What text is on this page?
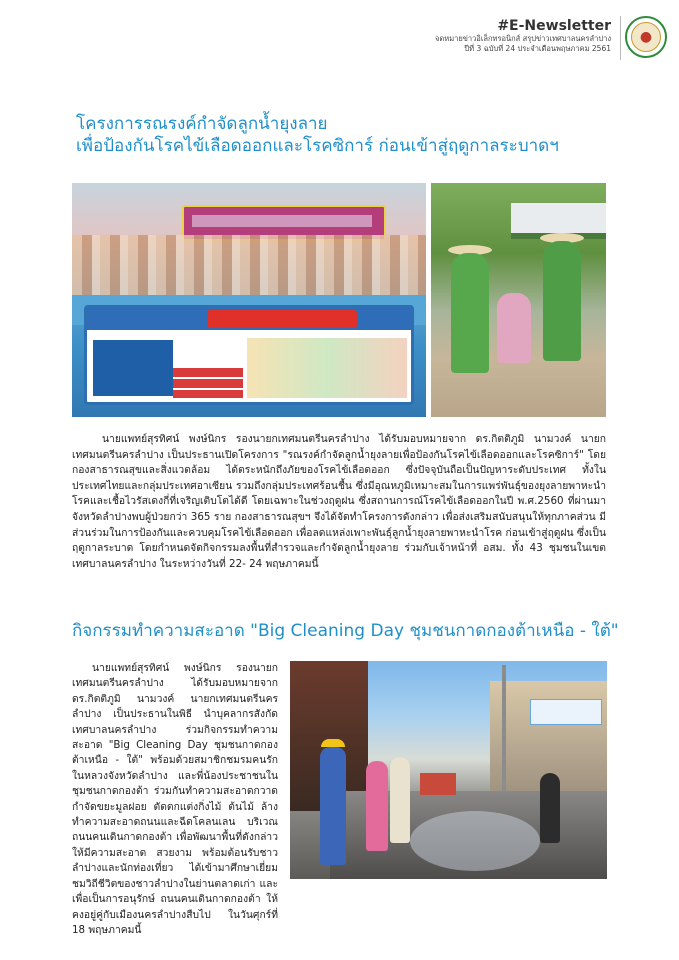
#E-Newsletter
จดหมายข่าวอิเล็กทรอนิกส์ สรุปข่าวเทศบาลนครลำปาง
ปีที่ 3 ฉบับที่ 24 ประจำเดือนพฤษภาคม 2561
●
โครงการรณรงค์กำจัดลูกน้ำยุงลาย
เพื่อป้องกันโรคไข้เลือดออกและโรคซิการ์ ก่อนเข้าสู่ฤดูกาลระบาดฯ
นายแพทย์สุรทิศน์ พงษ์นิกร รองนายกเทศมนตรีนครลำปาง ได้รับมอบหมายจาก ดร.กิตติภูมิ นามวงค์ นายกเทศมนตรีนครลำปาง เป็นประธานเปิดโครงการ "รณรงค์กำจัดลูกน้ำยุงลายเพื่อป้องกันโรคไข้เลือดออกและโรคซิการ์" โดยกองสาธารณสุขและสิ่งแวดล้อม ได้ตระหนักถึงภัยของโรคไข้เลือดออก ซึ่งปัจจุบันถือเป็นปัญหาระดับประเทศ ทั้งในประเทศไทยและกลุ่มประเทศอาเซียน รวมถึงกลุ่มประเทศร้อนชื้น ซึ่งมีอุณหภูมิเหมาะสมในการแพร่พันธุ์ของยุงลายพาหะนำโรคและเชื้อไวรัสเดงกี่ที่เจริญเติบโตได้ดี โดยเฉพาะในช่วงฤดูฝน ซึ่งสถานการณ์โรคไข้เลือดออกในปี พ.ศ.2560 ที่ผ่านมา จังหวัดลำปางพบผู้ป่วยกว่า 365 ราย กองสาธารณสุขฯ จึงได้จัดทำโครงการดังกล่าว เพื่อส่งเสริมสนับสนุนให้ทุกภาคส่วน มีส่วนร่วมในการป้องกันและควบคุมโรคไข้เลือดออก เพื่อลดแหล่งเพาะพันธุ์ลูกน้ำยุงลายพาหะนำโรค ก่อนเข้าสู่ฤดูฝน ซึ่งเป็นฤดูกาลระบาด โดยกำหนดจัดกิจกรรมลงพื้นที่สำรวจและกำจัดลูกน้ำยุงลาย ร่วมกับเจ้าหน้าที่ อสม. ทั้ง 43 ชุมชนในเขตเทศบาลนครลำปาง ในระหว่างวันที่ 22- 24 พฤษภาคมนี้
กิจกรรมทำความสะอาด "Big Cleaning Day ชุมชนกาดกองต้าเหนือ - ใต้"
นายแพทย์สุรทิศน์ พงษ์นิกร รองนายกเทศมนตรีนครลำปาง ได้รับมอบหมายจาก ดร.กิตติภูมิ นามวงค์ นายกเทศมนตรีนครลำปาง เป็นประธานในพิธี นำบุคลากรสังกัดเทศบาลนครลำปาง ร่วมกิจกรรมทำความสะอาด "Big Cleaning Day ชุมชนกาดกองต้าเหนือ - ใต้" พร้อมด้วยสมาชิกชมรมคนรักในหลวงจังหวัดลำปาง และพี่น้องประชาชนในชุมชนกาดกองต้า ร่วมกันทำความสะอาดกวาดกำจัดขยะมูลฝอย ตัดตกแต่งกิ่งไม้ ต้นไม้ ล้างทำความสะอาดถนนและฉีดโคลนเลน บริเวณถนนคนเดินกาดกองต้า เพื่อพัฒนาพื้นที่ดังกล่าว ให้มีความสะอาด สวยงาม พร้อมต้อนรับชาวลำปางและนักท่องเที่ยว ได้เข้ามาศึกษาเยี่ยมชมวิถีชีวิตของชาวลำปางในย่านตลาดเก่า และเพื่อเป็นการอนุรักษ์ ถนนคนเดินกาดกองต้า ให้คงอยู่คู่กับเมืองนครลำปางสืบไป ในวันศุกร์ที่ 18 พฤษภาคมนี้
